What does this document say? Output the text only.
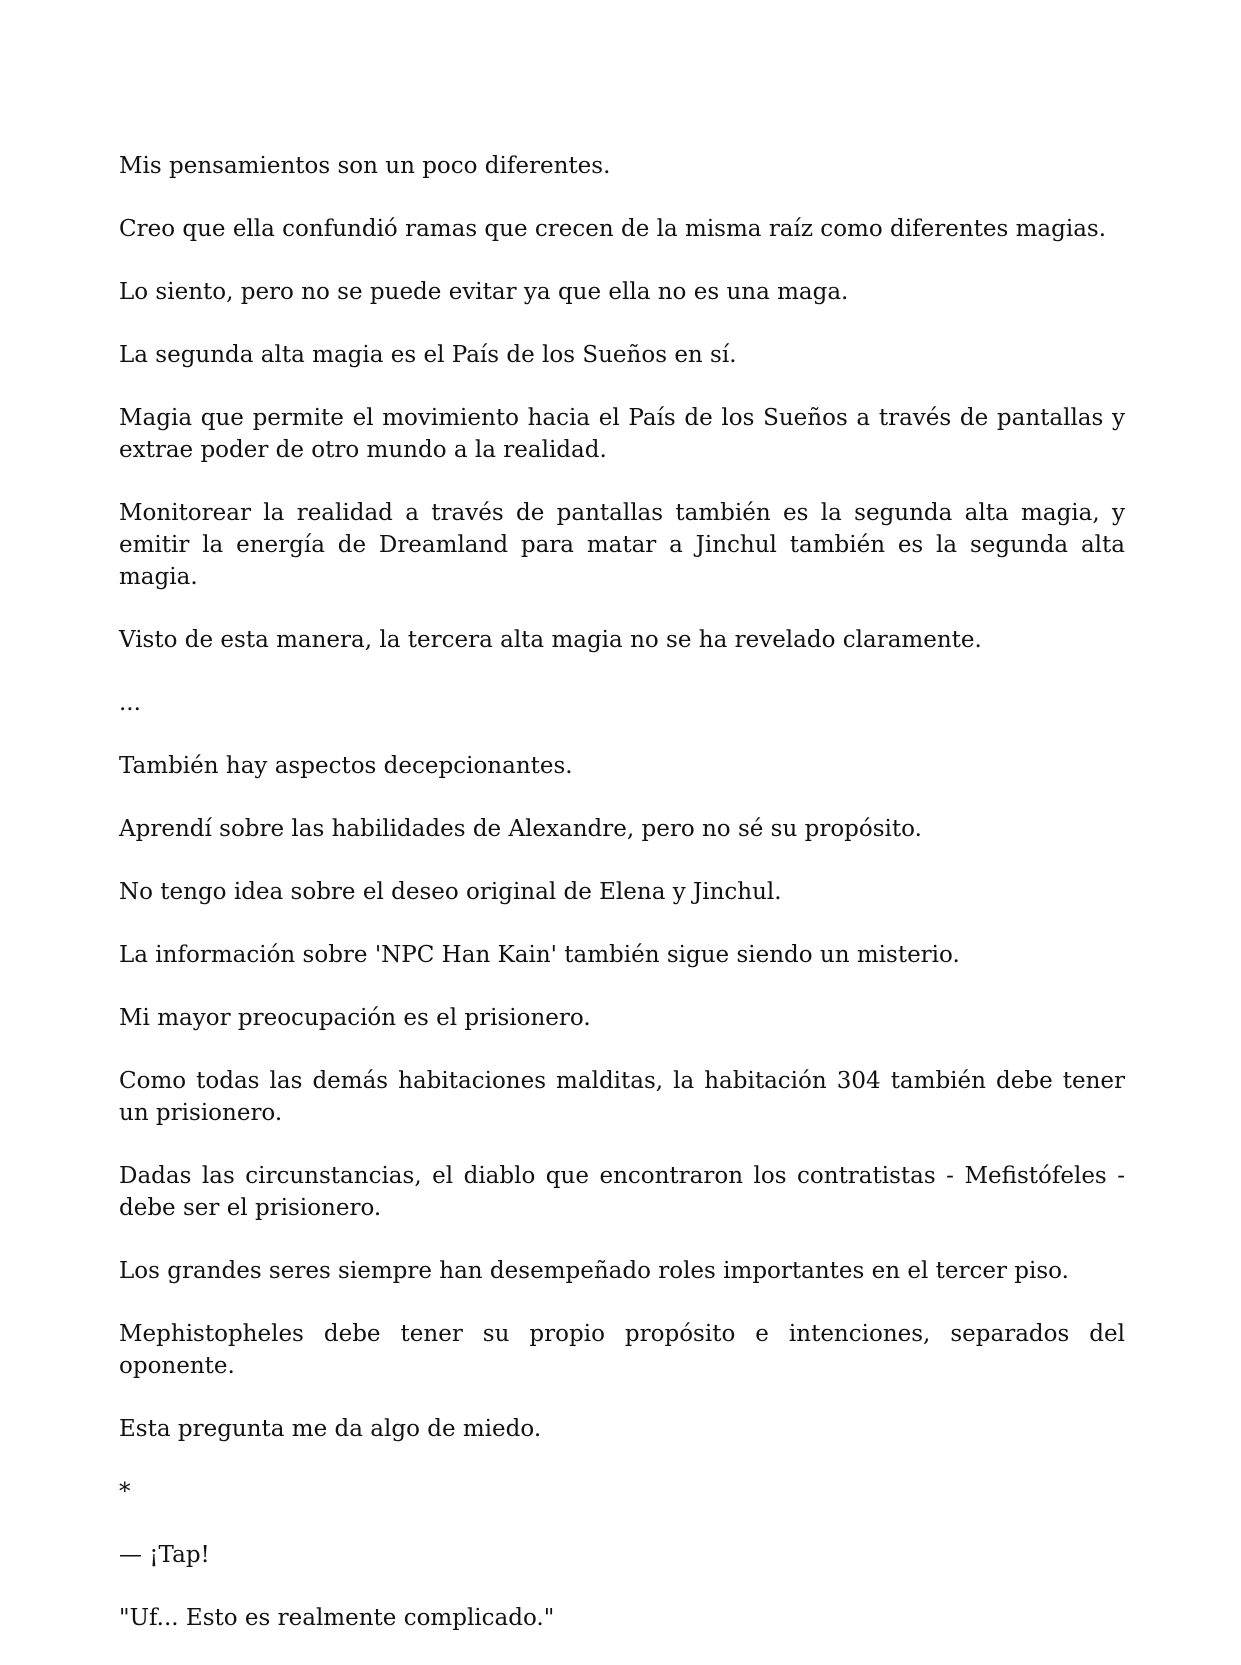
Mis pensamientos son un poco diferentes.

Creo que ella confundió ramas que crecen de la misma raíz como diferentes magias.

Lo siento, pero no se puede evitar ya que ella no es una maga.

La segunda alta magia es el País de los Sueños en sí.

Magia que permite el movimiento hacia el País de los Sueños a través de pantallas y extrae poder de otro mundo a la realidad.

Monitorear la realidad a través de pantallas también es la segunda alta magia, y emitir la energía de Dreamland para matar a Jinchul también es la segunda alta magia.

Visto de esta manera, la tercera alta magia no se ha revelado claramente.

...

También hay aspectos decepcionantes.

Aprendí sobre las habilidades de Alexandre, pero no sé su propósito.

No tengo idea sobre el deseo original de Elena y Jinchul.

La información sobre 'NPC Han Kain' también sigue siendo un misterio.

Mi mayor preocupación es el prisionero.

Como todas las demás habitaciones malditas, la habitación 304 también debe tener un prisionero.

Dadas las circunstancias, el diablo que encontraron los contratistas - Mefistófeles - debe ser el prisionero.

Los grandes seres siempre han desempeñado roles importantes en el tercer piso.

Mephistopheles debe tener su propio propósito e intenciones, separados del oponente.

Esta pregunta me da algo de miedo.

*

— ¡Tap!

"Uf... Esto es realmente complicado."
